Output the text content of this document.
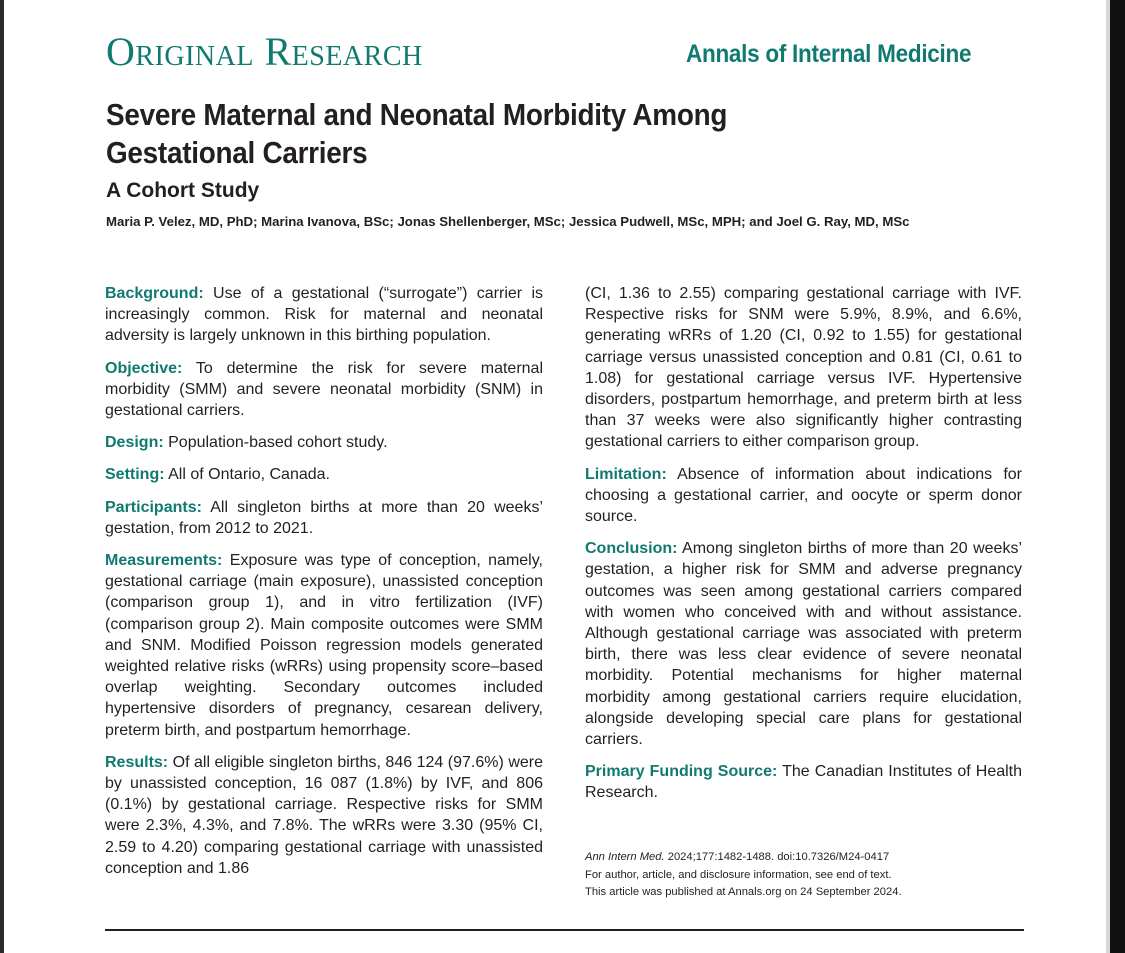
Original Research	Annals of Internal Medicine
Severe Maternal and Neonatal Morbidity Among Gestational Carriers
A Cohort Study
Maria P. Velez, MD, PhD; Marina Ivanova, BSc; Jonas Shellenberger, MSc; Jessica Pudwell, MSc, MPH; and Joel G. Ray, MD, MSc

Background: Use of a gestational (“surrogate”) carrier is increasingly common. Risk for maternal and neonatal adversity is largely unknown in this birthing population.

Objective: To determine the risk for severe maternal morbidity (SMM) and severe neonatal morbidity (SNM) in gestational carriers.

Design: Population-based cohort study.

Setting: All of Ontario, Canada.

Participants: All singleton births at more than 20 weeks’ gestation, from 2012 to 2021.

Measurements: Exposure was type of conception, namely, gestational carriage (main exposure), unassisted conception (comparison group 1), and in vitro fertilization (IVF) (comparison group 2). Main composite outcomes were SMM and SNM. Modified Poisson regression models generated weighted relative risks (wRRs) using propensity score–based overlap weighting. Secondary outcomes included hypertensive disorders of pregnancy, cesarean delivery, preterm birth, and postpartum hemorrhage.

Results: Of all eligible singleton births, 846 124 (97.6%) were by unassisted conception, 16 087 (1.8%) by IVF, and 806 (0.1%) by gestational carriage. Respective risks for SMM were 2.3%, 4.3%, and 7.8%. The wRRs were 3.30 (95% CI, 2.59 to 4.20) comparing gestational carriage with unassisted conception and 1.86

(CI, 1.36 to 2.55) comparing gestational carriage with IVF. Respective risks for SNM were 5.9%, 8.9%, and 6.6%, generating wRRs of 1.20 (CI, 0.92 to 1.55) for gestational carriage versus unassisted conception and 0.81 (CI, 0.61 to 1.08) for gestational carriage versus IVF. Hypertensive disorders, postpartum hemorrhage, and preterm birth at less than 37 weeks were also significantly higher contrasting gestational carriers to either comparison group.

Limitation: Absence of information about indications for choosing a gestational carrier, and oocyte or sperm donor source.

Conclusion: Among singleton births of more than 20 weeks’ gestation, a higher risk for SMM and adverse pregnancy outcomes was seen among gestational carriers compared with women who conceived with and without assistance. Although gestational carriage was associated with preterm birth, there was less clear evidence of severe neonatal morbidity. Potential mechanisms for higher maternal morbidity among gestational carriers require elucidation, alongside developing special care plans for gestational carriers.

Primary Funding Source: The Canadian Institutes of Health Research.

Ann Intern Med. 2024;177:1482-1488. doi:10.7326/M24-0417
For author, article, and disclosure information, see end of text.
This article was published at Annals.org on 24 September 2024.
